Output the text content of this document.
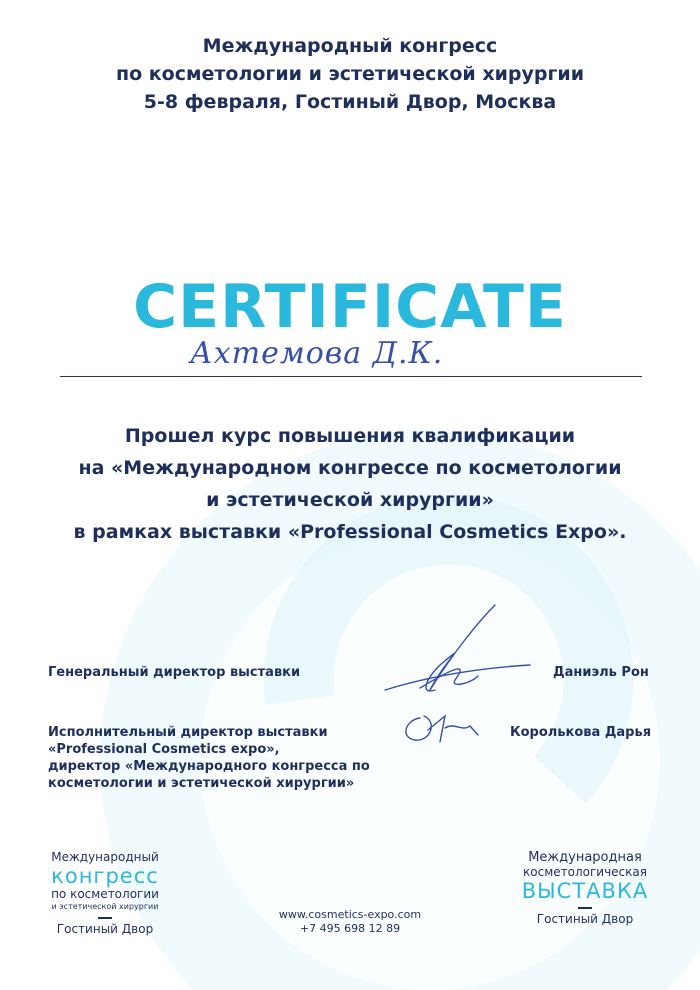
Международный конгресс
по косметологии и эстетической хирургии
5-8 февраля, Гостиный Двор, Москва
CERTIFICATE
Ахтемова Д.К.
Прошел курс повышения квалификации
на «Международном конгрессе по косметологии
и эстетической хирургии»
в рамках выставки «Professional Cosmetics Expo».
Генеральный директор выставки	Даниэль Рон
Исполнительный директор выставки
«Professional Cosmetics expo»,
директор «Международного конгресса по
косметологии и эстетической хирургии»
Королькова Дарья
Международный
конгресс
по косметологии
и эстетической хирургии
Гостиный Двор
www.cosmetics-expo.com
+7 495 698 12 89
Международная
косметологическая
ВЫСТАВКА
Гостиный Двор
